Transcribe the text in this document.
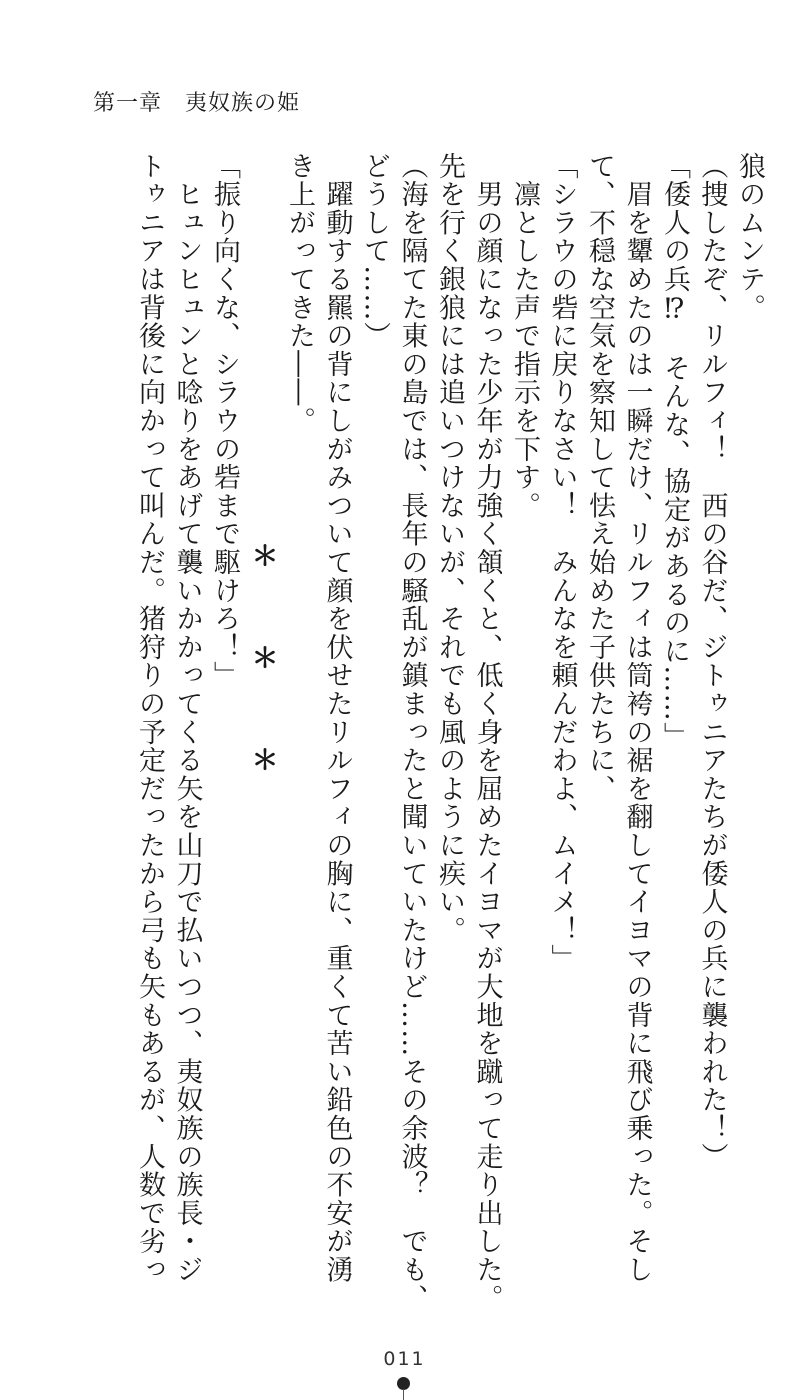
第一章　夷奴族の姫
狼のムンテ。
（捜したぞ、リルフィ！　西の谷だ、ジトゥニアたちが倭人の兵に襲われた！）
「倭人の兵⁉　そんな、協定があるのに……」
　眉を顰めたのは一瞬だけ、リルフィは筒袴の裾を翻してイヨマの背に飛び乗った。そし
て、不穏な空気を察知して怯え始めた子供たちに、
「シラウの砦に戻りなさい！　みんなを頼んだわよ、ムイメ！」
　凛とした声で指示を下す。
　男の顔になった少年が力強く頷くと、低く身を屈めたイヨマが大地を蹴って走り出した。
先を行く銀狼には追いつけないが、それでも風のように疾い。
（海を隔てた東の島では、長年の騒乱が鎮まったと聞いていたけど……その余波？　でも、
どうして……）
　躍動する羆の背にしがみついて顔を伏せたリルフィの胸に、重くて苦い鉛色の不安が湧
き上がってきた――。
＊　＊　＊
「振り向くな、シラウの砦まで駆けろ！」
　ヒュンヒュンと唸りをあげて襲いかかってくる矢を山刀で払いつつ、夷奴族の族長・ジ
トゥニアは背後に向かって叫んだ。猪狩りの予定だったから弓も矢もあるが、人数で劣っ
011
